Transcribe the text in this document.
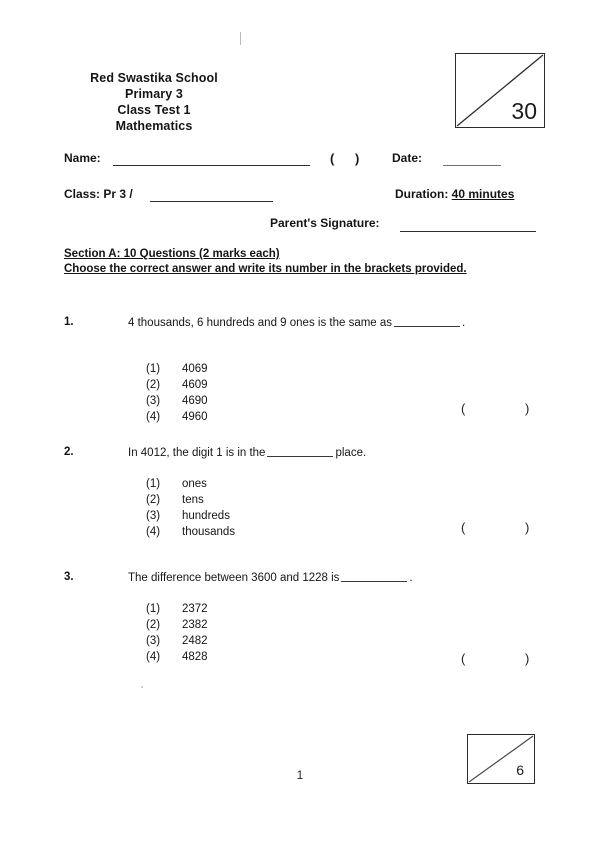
30
Red Swastika School
Primary 3
Class Test 1
Mathematics
Name:	( )	Date:
Class: Pr 3 /	Duration: 40 minutes
Parent's Signature:
Section A: 10 Questions (2 marks each)
Choose the correct answer and write its number in the brackets provided.
1.	4 thousands, 6 hundreds and 9 ones is the same as	.
(1)	4069
(2)	4609
(3)	4690
(4)	4960
(	)
2.	In 4012, the digit 1 is in the	place.
(1)	ones
(2)	tens
(3)	hundreds
(4)	thousands	(	)
3.	The difference between 3600 and 1228 is	.
(1)	2372
(2)	2382
(3)	2482
(4)	4828	(	)
6
1
